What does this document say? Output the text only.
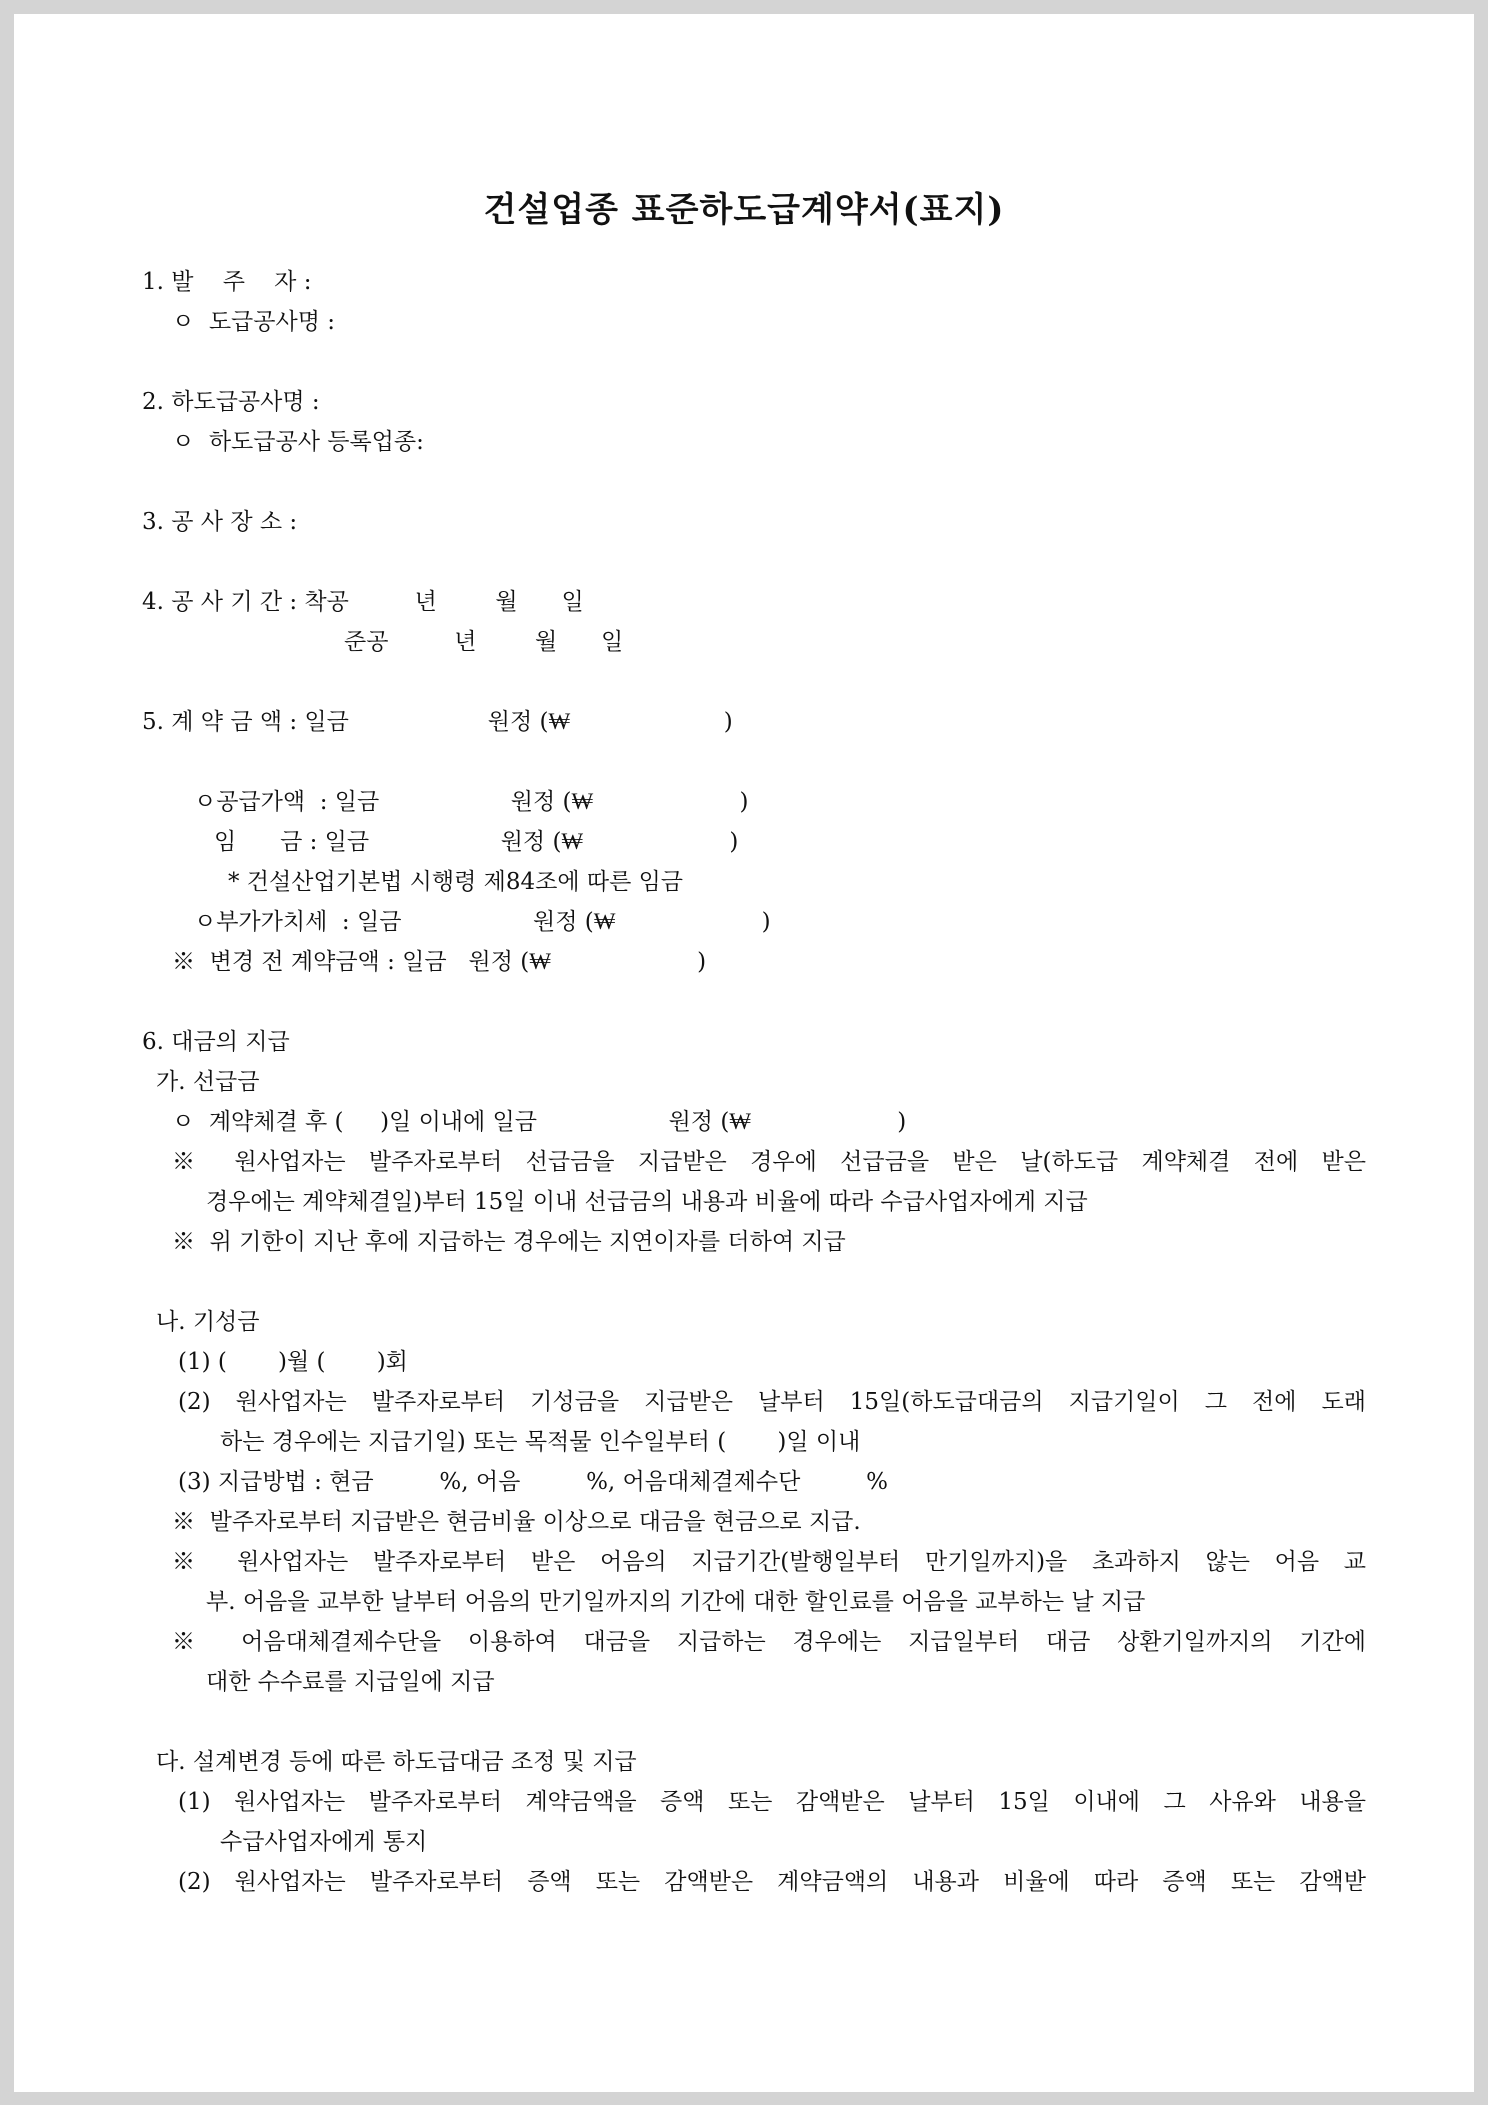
건설업종 표준하도급계약서(표지)
1. 발    주    자 :
ㅇ  도급공사명 :
2. 하도급공사명 :
ㅇ  하도급공사 등록업종:
3. 공 사 장 소 :
4. 공 사 기 간 : 착공         년        월      일
준공         년        월      일
5. 계 약 금 액 : 일금                   원정 (₩                     )
ㅇ공급가액  : 일금                  원정 (₩                    )
임      금 : 일금                  원정 (₩                    )
* 건설산업기본법 시행령 제84조에 따른 임금
ㅇ부가가치세  : 일금                  원정 (₩                    )
※  변경 전 계약금액 : 일금   원정 (₩                    )
6. 대금의 지급
가. 선급금
ㅇ  계약체결 후 (     )일 이내에 일금                  원정 (₩                    )
※ 원사업자는 발주자로부터 선급금을 지급받은 경우에 선급금을 받은 날(하도급 계약체결 전에 받은
경우에는 계약체결일)부터 15일 이내 선급금의 내용과 비율에 따라 수급사업자에게 지급
※  위 기한이 지난 후에 지급하는 경우에는 지연이자를 더하여 지급
나. 기성금
(1) (       )월 (       )회
(2) 원사업자는 발주자로부터 기성금을 지급받은 날부터 15일(하도급대금의 지급기일이 그 전에 도래
하는 경우에는 지급기일) 또는 목적물 인수일부터 (       )일 이내
(3) 지급방법 : 현금         %, 어음         %, 어음대체결제수단         %
※  발주자로부터 지급받은 현금비율 이상으로 대금을 현금으로 지급.
※ 원사업자는 발주자로부터 받은 어음의 지급기간(발행일부터 만기일까지)을 초과하지 않는 어음 교
부. 어음을 교부한 날부터 어음의 만기일까지의 기간에 대한 할인료를 어음을 교부하는 날 지급
※ 어음대체결제수단을 이용하여 대금을 지급하는 경우에는 지급일부터 대금 상환기일까지의 기간에
대한 수수료를 지급일에 지급
다. 설계변경 등에 따른 하도급대금 조정 및 지급
(1) 원사업자는 발주자로부터 계약금액을 증액 또는 감액받은 날부터 15일 이내에 그 사유와 내용을
수급사업자에게 통지
(2) 원사업자는 발주자로부터 증액 또는 감액받은 계약금액의 내용과 비율에 따라 증액 또는 감액받
